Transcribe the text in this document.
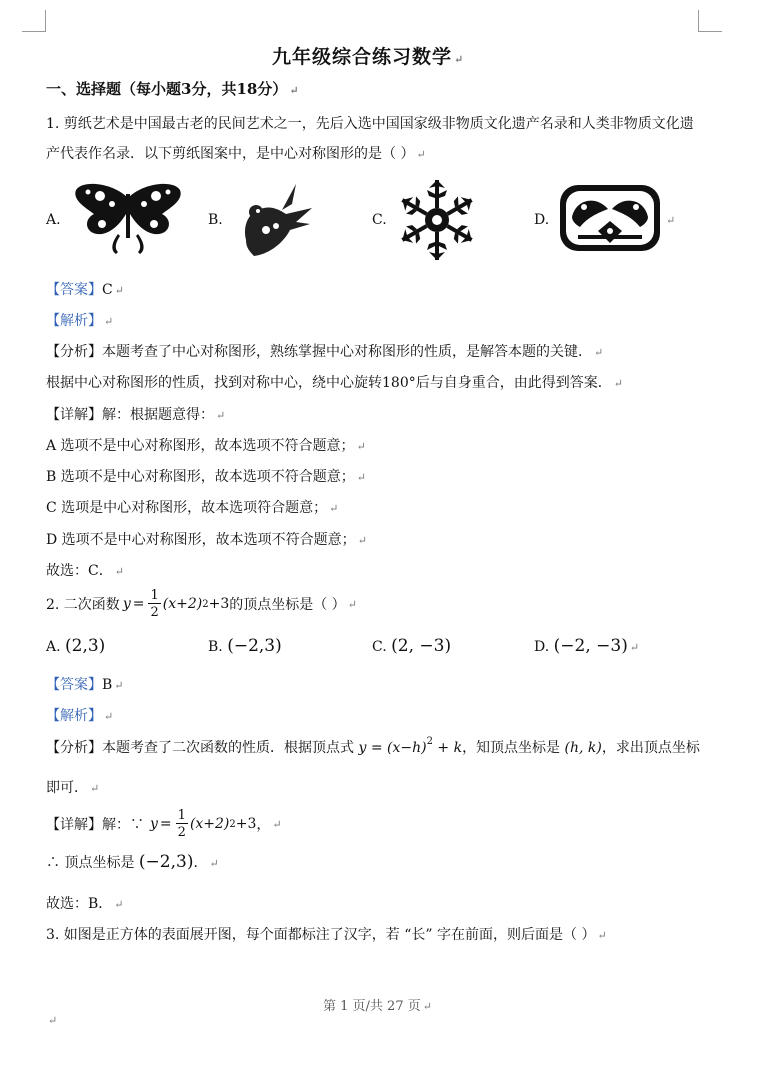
九年级综合练习数学 ↵
一、选择题（每小题3分，共18分） ↵
1. 剪纸艺术是中国最古老的民间艺术之一，先后入选中国国家级非物质文化遗产名录和人类非物质文化遗
产代表作名录．以下剪纸图案中，是中心对称图形的是（ ） ↵
A.	B.	C.	D.	↵
【答案】C ↵
【解析】 ↵
【分析】本题考查了中心对称图形，熟练掌握中心对称图形的性质，是解答本题的关键． ↵
根据中心对称图形的性质，找到对称中心，绕中心旋转180°后与自身重合，由此得到答案． ↵
【详解】解：根据题意得： ↵
A 选项不是中心对称图形，故本选项不符合题意； ↵
B 选项不是中心对称图形，故本选项不符合题意； ↵
C 选项是中心对称图形，故本选项符合题意； ↵
D 选项不是中心对称图形，故本选项不符合题意； ↵
故选：C． ↵
2. 二次函数 $y = \frac{1}{2} (x+2)$ 2 +3 的顶点坐标是（ ） ↵
A. (2,3)	B. (−2,3)	C. (2, −3)	D. (−2, −3) ↵
【答案】B ↵
【解析】 ↵
【分析】本题考查了二次函数的性质．根据顶点式 $y = (x-h)^2 + k$，知顶点坐标是 (h, k)，求出顶点坐标
即可． ↵
【详解】 解：∵ $y = \frac{1}{2} (x+2)$ 2 +3 ， ↵
∴ 顶点坐标是 (−2,3)． ↵
故选：B． ↵
3. 如图是正方体的表面展开图，每个面都标注了汉字，若 “长” 字在前面，则后面是（ ） ↵
第 1 页/共 27 页 ↵
↵
